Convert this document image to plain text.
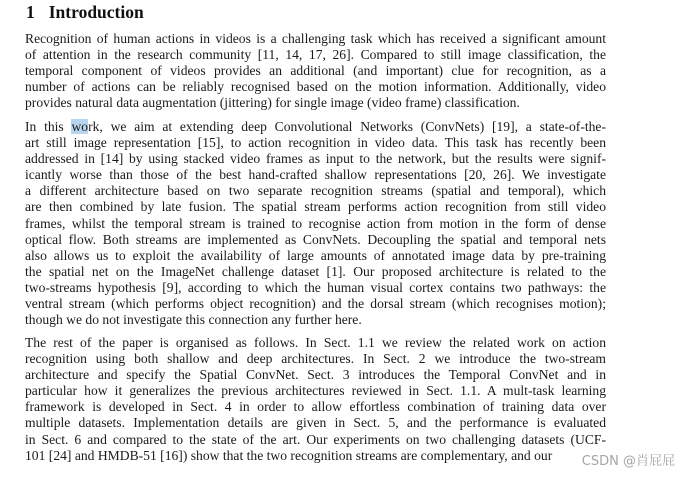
1 Introduction
Recognition of human actions in videos is a challenging task which has received a significant amount
of attention in the research community [11, 14, 17, 26]. Compared to still image classification, the
temporal component of videos provides an additional (and important) clue for recognition, as a
number of actions can be reliably recognised based on the motion information. Additionally, video
provides natural data augmentation (jittering) for single image (video frame) classification.
In this work, we aim at extending deep Convolutional Networks (ConvNets) [19], a state-of-the-
art still image representation [15], to action recognition in video data. This task has recently been
addressed in [14] by using stacked video frames as input to the network, but the results were signif-
icantly worse than those of the best hand-crafted shallow representations [20, 26]. We investigate
a different architecture based on two separate recognition streams (spatial and temporal), which
are then combined by late fusion. The spatial stream performs action recognition from still video
frames, whilst the temporal stream is trained to recognise action from motion in the form of dense
optical flow. Both streams are implemented as ConvNets. Decoupling the spatial and temporal nets
also allows us to exploit the availability of large amounts of annotated image data by pre-training
the spatial net on the ImageNet challenge dataset [1]. Our proposed architecture is related to the
two-streams hypothesis [9], according to which the human visual cortex contains two pathways: the
ventral stream (which performs object recognition) and the dorsal stream (which recognises motion);
though we do not investigate this connection any further here.
The rest of the paper is organised as follows. In Sect. 1.1 we review the related work on action
recognition using both shallow and deep architectures. In Sect. 2 we introduce the two-stream
architecture and specify the Spatial ConvNet. Sect. 3 introduces the Temporal ConvNet and in
particular how it generalizes the previous architectures reviewed in Sect. 1.1. A mult-task learning
framework is developed in Sect. 4 in order to allow effortless combination of training data over
multiple datasets. Implementation details are given in Sect. 5, and the performance is evaluated
in Sect. 6 and compared to the state of the art. Our experiments on two challenging datasets (UCF-
101 [24] and HMDB-51 [16]) show that the two recognition streams are complementary, and our	CSDN @肖屁屁
